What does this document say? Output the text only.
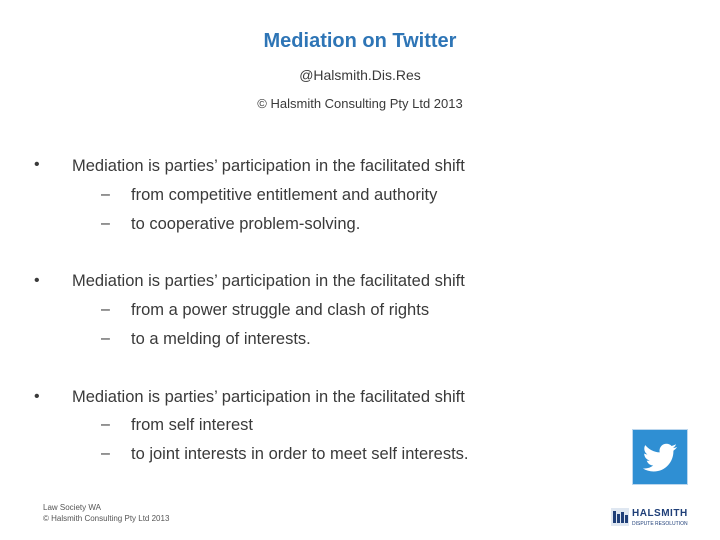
Mediation on Twitter
@Halsmith.Dis.Res
© Halsmith Consulting Pty Ltd 2013
• Mediation is parties’ participation in the facilitated shift
– from competitive entitlement and authority
– to cooperative problem-solving.
• Mediation is parties’ participation in the facilitated shift
– from a power struggle and clash of rights
– to a melding of interests.
• Mediation is parties’ participation in the facilitated shift
– from self interest
– to joint interests in order to meet self interests.
Law Society WA
© Halsmith Consulting Pty Ltd 2013	HALSMITH
DISPUTE RESOLUTION
